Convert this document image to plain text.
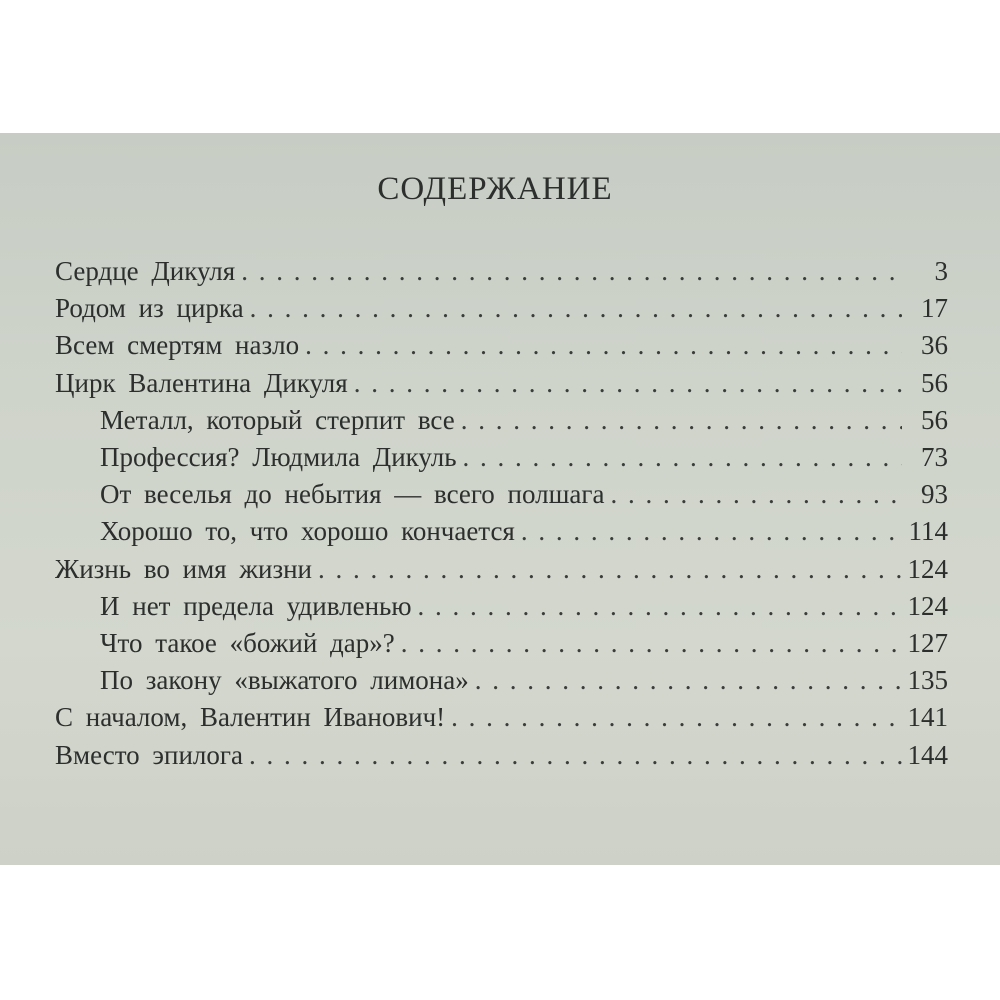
СОДЕРЖАНИЕ
Сердце Дикуля . . .	3
Родом из цирка . . .	17
Всем смертям назло . . .	36
Цирк Валентина Дикуля . . .	56
Металл, который стерпит все . . .	56
Профессия? Людмила Дикуль . . .	73
От веселья до небытия — всего полшага . . .	93
Хорошо то, что хорошо кончается . . .	114
Жизнь во имя жизни . . .	124
И нет предела удивленью . . .	124
Что такое «божий дар»? . . .	127
По закону «выжатого лимона» . . .	135
С началом, Валентин Иванович! . . .	141
Вместо эпилога . . .	144
